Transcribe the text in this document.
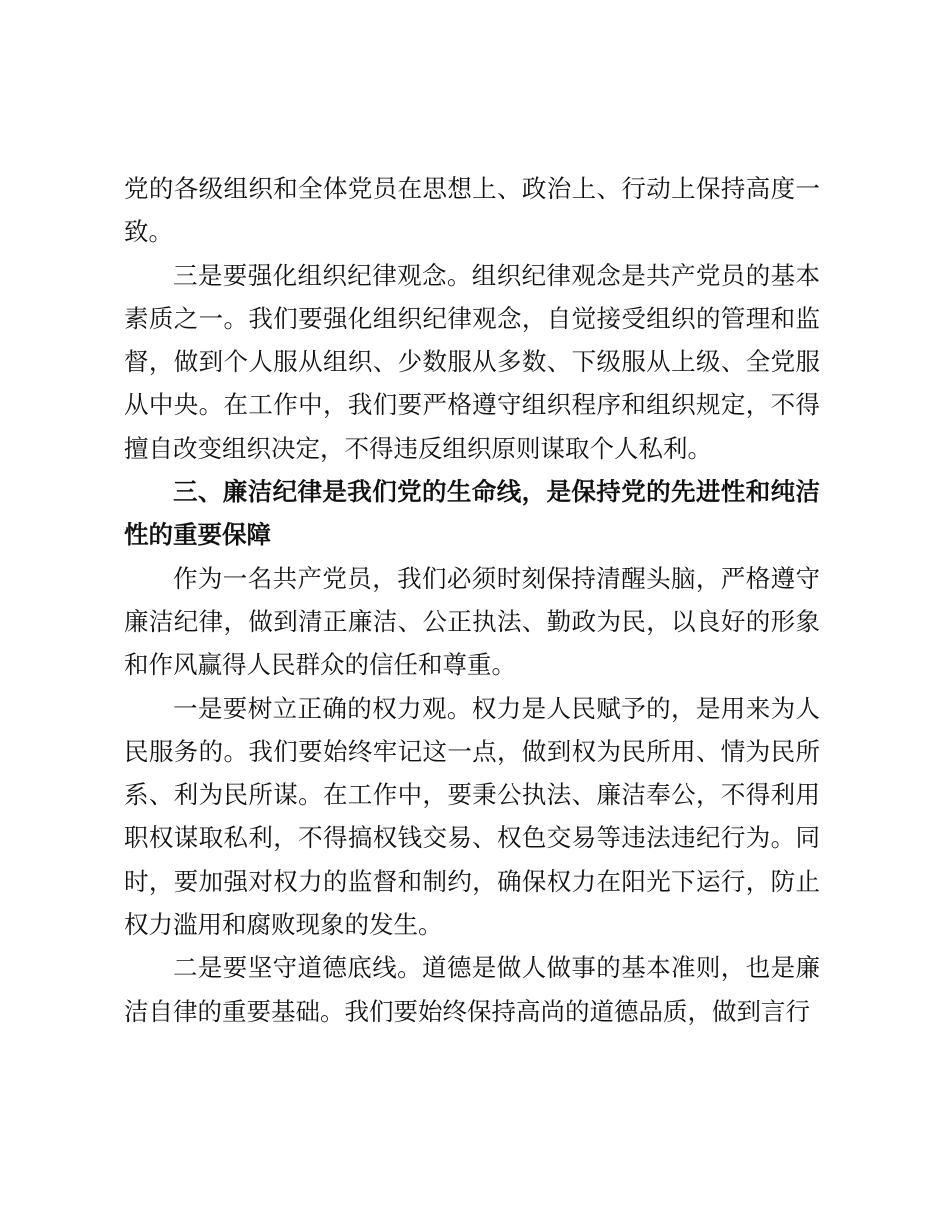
党的各级组织和全体党员在思想上、政治上、行动上保持高度一致。

三是要强化组织纪律观念。组织纪律观念是共产党员的基本素质之一。我们要强化组织纪律观念，自觉接受组织的管理和监督，做到个人服从组织、少数服从多数、下级服从上级、全党服从中央。在工作中，我们要严格遵守组织程序和组织规定，不得擅自改变组织决定，不得违反组织原则谋取个人私利。

三、廉洁纪律是我们党的生命线，是保持党的先进性和纯洁性的重要保障

作为一名共产党员，我们必须时刻保持清醒头脑，严格遵守廉洁纪律，做到清正廉洁、公正执法、勤政为民，以良好的形象和作风赢得人民群众的信任和尊重。

一是要树立正确的权力观。权力是人民赋予的，是用来为人民服务的。我们要始终牢记这一点，做到权为民所用、情为民所系、利为民所谋。在工作中，要秉公执法、廉洁奉公，不得利用职权谋取私利，不得搞权钱交易、权色交易等违法违纪行为。同时，要加强对权力的监督和制约，确保权力在阳光下运行，防止权力滥用和腐败现象的发生。

二是要坚守道德底线。道德是做人做事的基本准则，也是廉洁自律的重要基础。我们要始终保持高尚的道德品质，做到言行
